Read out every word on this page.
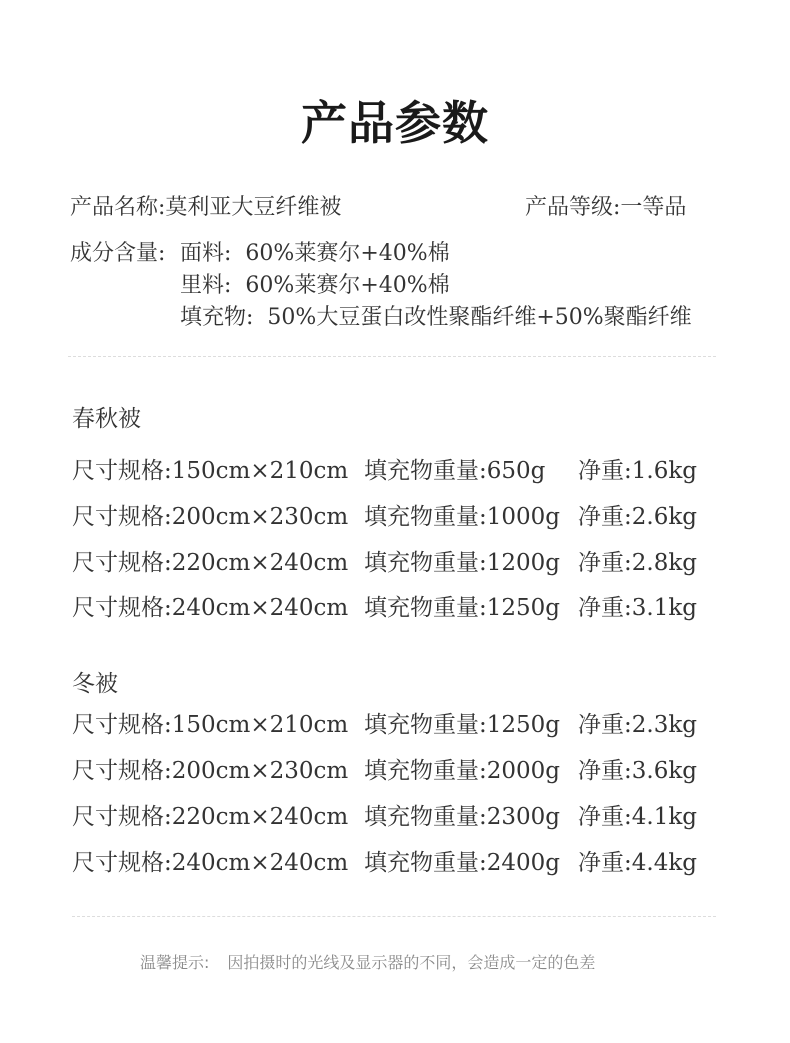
产品参数
产品名称:莫利亚大豆纤维被	产品等级:一等品
成分含量: 面料: 60%莱赛尔+40%棉
里料: 60%莱赛尔+40%棉
填充物: 50%大豆蛋白改性聚酯纤维+50%聚酯纤维
春秋被
尺寸规格:150cm×210cm 填充物重量:650g 净重:1.6kg
尺寸规格:200cm×230cm 填充物重量:1000g 净重:2.6kg
尺寸规格:220cm×240cm 填充物重量:1200g 净重:2.8kg
尺寸规格:240cm×240cm 填充物重量:1250g 净重:3.1kg
冬被
尺寸规格:150cm×210cm 填充物重量:1250g 净重:2.3kg
尺寸规格:200cm×230cm 填充物重量:2000g 净重:3.6kg
尺寸规格:220cm×240cm 填充物重量:2300g 净重:4.1kg
尺寸规格:240cm×240cm 填充物重量:2400g 净重:4.4kg
温馨提示: 因拍摄时的光线及显示器的不同，会造成一定的色差
